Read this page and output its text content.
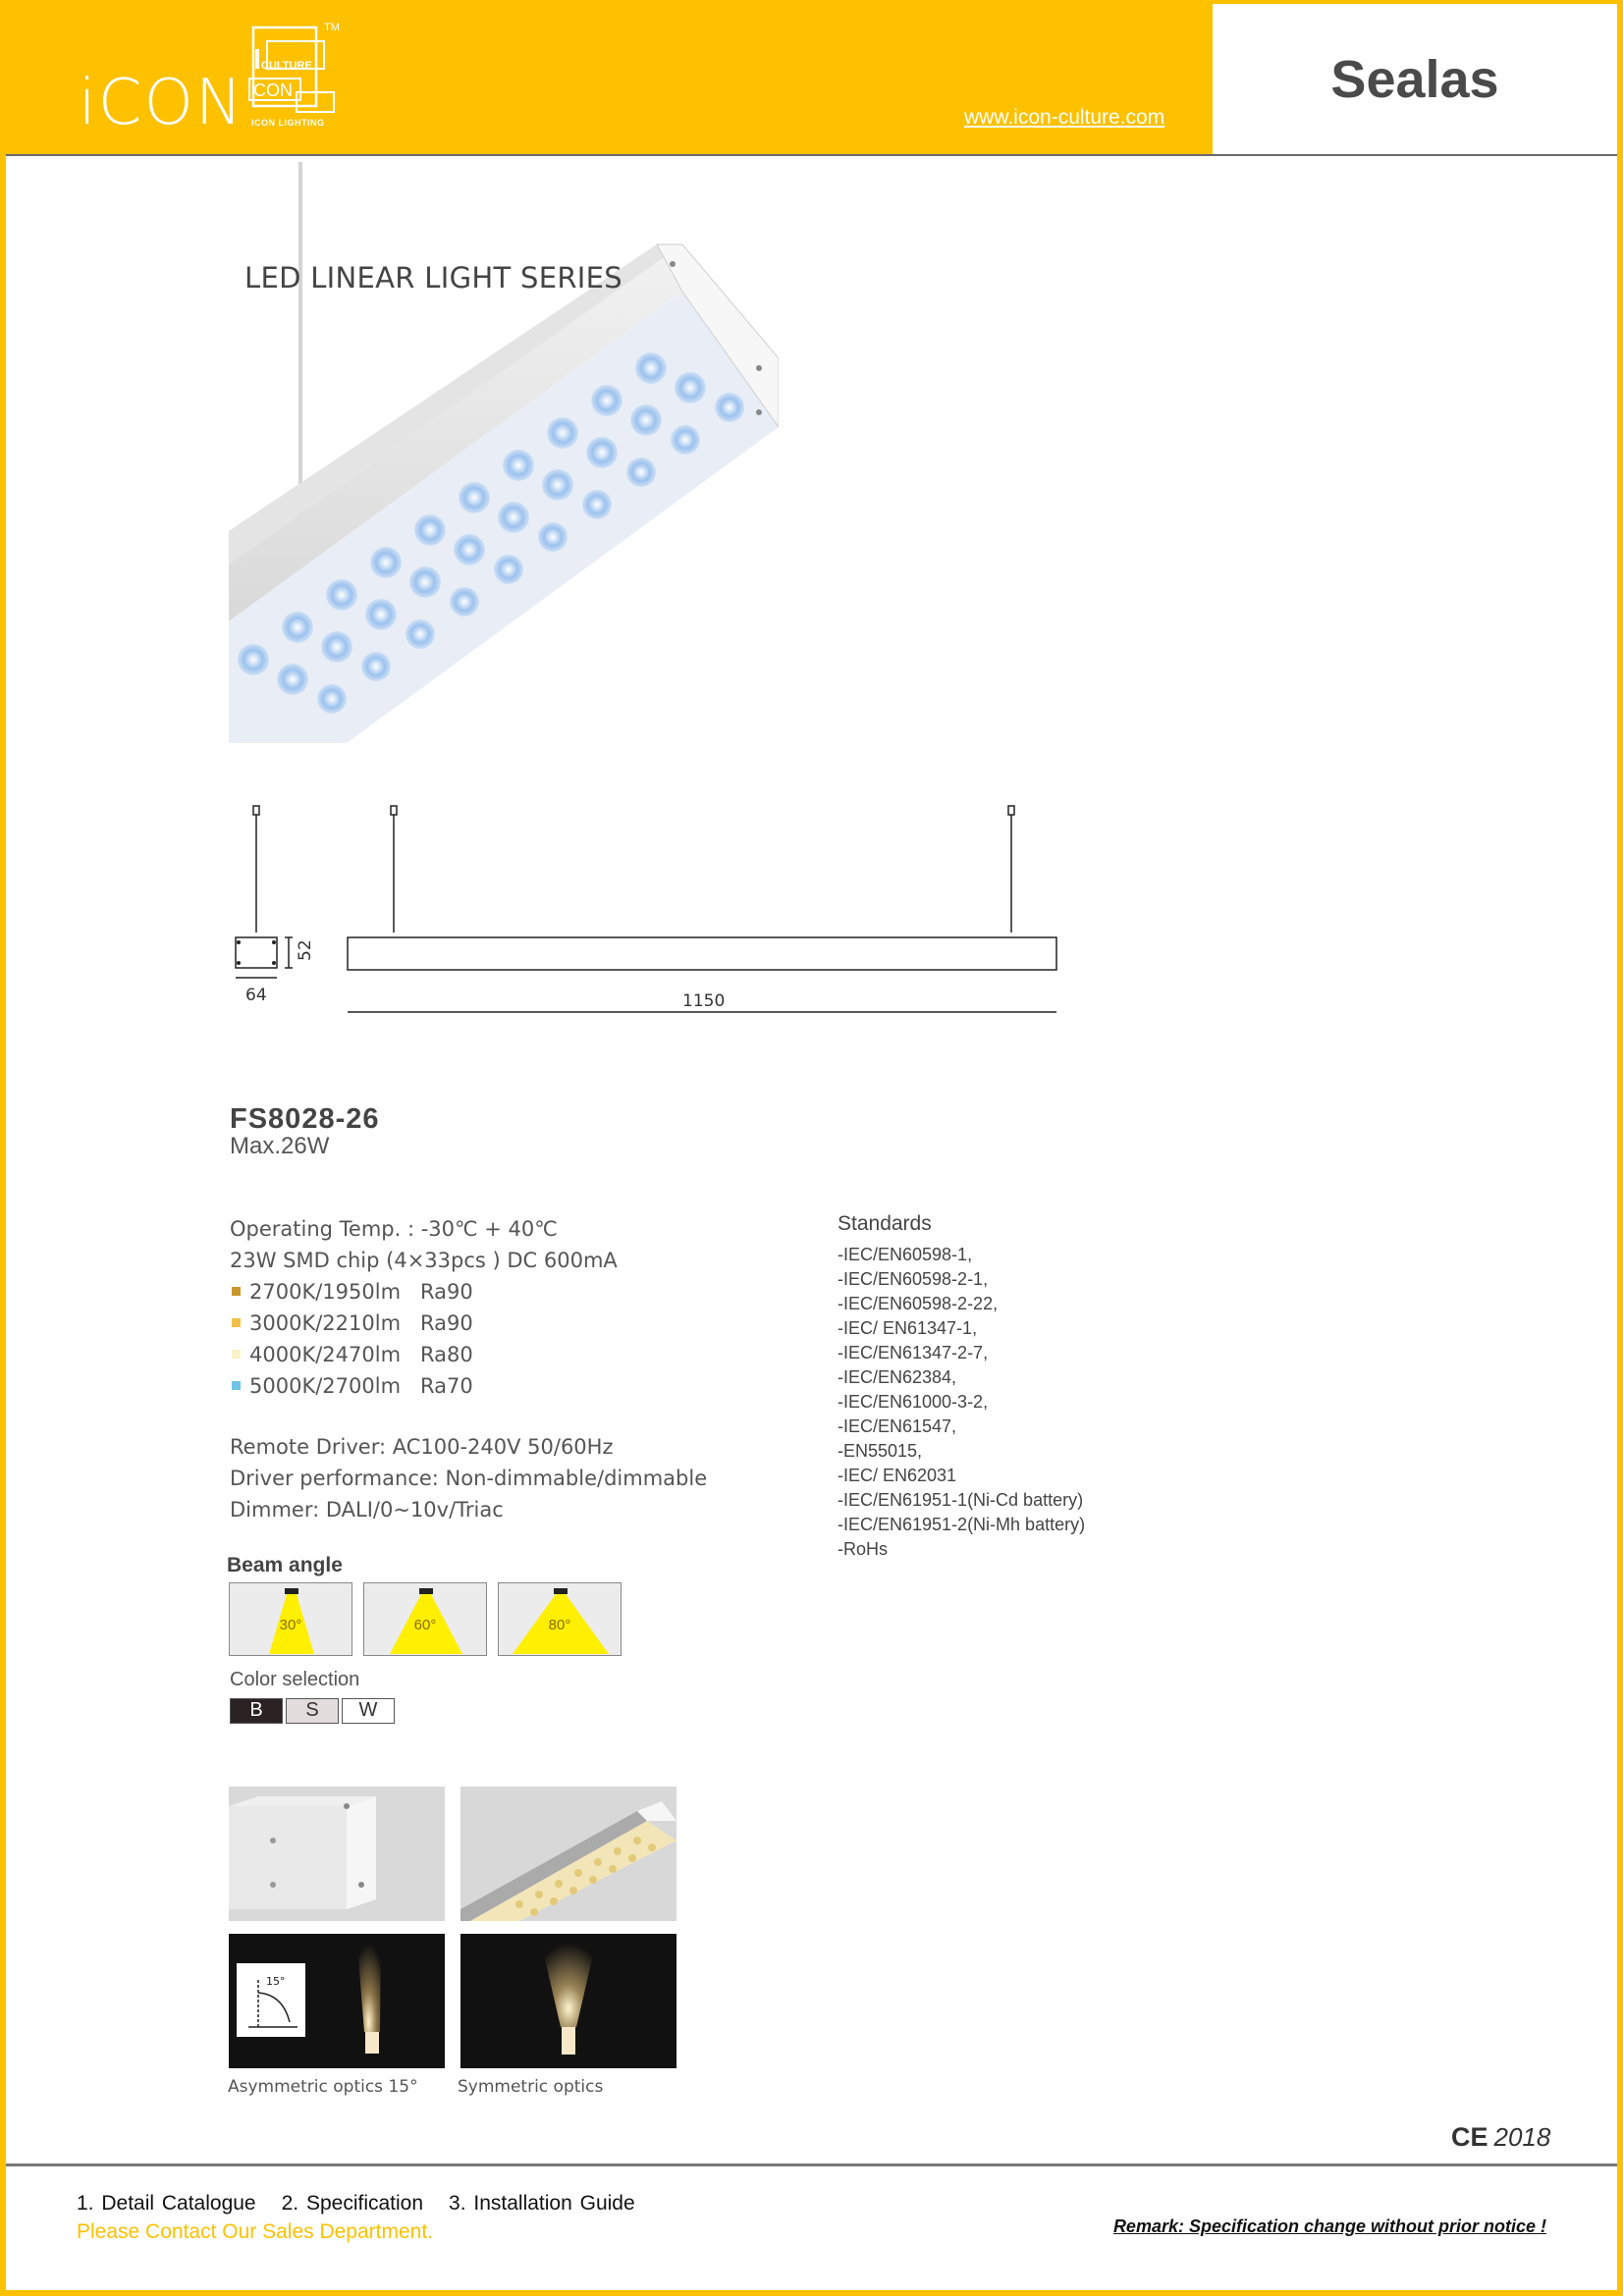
iCON
CULTURE
CON
TM
ICON LIGHTING	www.icon-culture.com
Sealas
LED LINEAR LIGHT SERIES
52
64	1150
FS8028-26
Max.26W
Operating Temp. : -30℃ + 40℃
23W SMD chip (4×33pcs ) DC 600mA
2700K/1950lm Ra90
3000K/2210lm Ra90
4000K/2470lm Ra80
5000K/2700lm Ra70
Remote Driver: AC100-240V 50/60Hz
Driver performance: Non-dimmable/dimmable
Dimmer: DALI/0~10v/Triac
Standards
-IEC/EN60598-1,
-IEC/EN60598-2-1,
-IEC/EN60598-2-22,
-IEC/ EN61347-1,
-IEC/EN61347-2-7,
-IEC/EN62384,
-IEC/EN61000-3-2,
-IEC/EN61547,
-EN55015,
-IEC/ EN62031
-IEC/EN61951-1(Ni-Cd battery)
-IEC/EN61951-2(Ni-Mh battery)
-RoHs
Beam angle
30°	60°	80°
Color selection
B	S	W
15°
Asymmetric optics 15° Symmetric optics
CE 2018
1. Detail Catalogue 2. Specification 3. Installation Guide
Please Contact Our Sales Department.	Remark: Specification change without prior notice !
